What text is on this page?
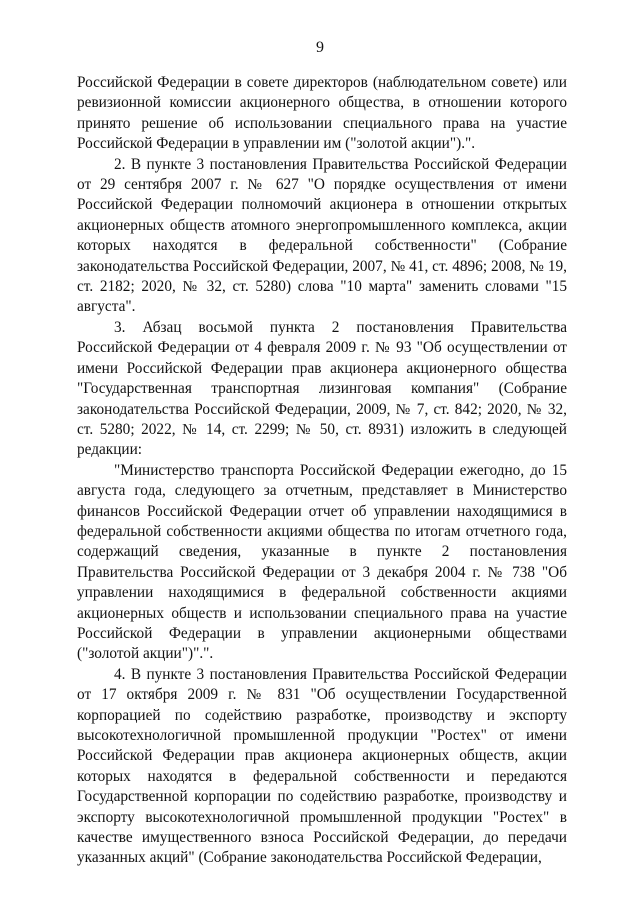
9

Российской Федерации в совете директоров (наблюдательном совете) или ревизионной комиссии акционерного общества, в отношении которого принято решение об использовании специального права на участие Российской Федерации в управлении им ("золотой акции").".

2. В пункте 3 постановления Правительства Российской Федерации от 29 сентября 2007 г. № 627 "О порядке осуществления от имени Российской Федерации полномочий акционера в отношении открытых акционерных обществ атомного энергопромышленного комплекса, акции которых находятся в федеральной собственности" (Собрание законодательства Российской Федерации, 2007, № 41, ст. 4896; 2008, № 19, ст. 2182; 2020, № 32, ст. 5280) слова "10 марта" заменить словами "15 августа".

3. Абзац восьмой пункта 2 постановления Правительства Российской Федерации от 4 февраля 2009 г. № 93 "Об осуществлении от имени Российской Федерации прав акционера акционерного общества "Государственная транспортная лизинговая компания" (Собрание законодательства Российской Федерации, 2009, № 7, ст. 842; 2020, № 32, ст. 5280; 2022, № 14, ст. 2299; № 50, ст. 8931) изложить в следующей редакции:

"Министерство транспорта Российской Федерации ежегодно, до 15 августа года, следующего за отчетным, представляет в Министерство финансов Российской Федерации отчет об управлении находящимися в федеральной собственности акциями общества по итогам отчетного года, содержащий сведения, указанные в пункте 2 постановления Правительства Российской Федерации от 3 декабря 2004 г. № 738 "Об управлении находящимися в федеральной собственности акциями акционерных обществ и использовании специального права на участие Российской Федерации в управлении акционерными обществами ("золотой акции")".".

4. В пункте 3 постановления Правительства Российской Федерации от 17 октября 2009 г. № 831 "Об осуществлении Государственной корпорацией по содействию разработке, производству и экспорту высокотехнологичной промышленной продукции "Ростех" от имени Российской Федерации прав акционера акционерных обществ, акции которых находятся в федеральной собственности и передаются Государственной корпорации по содействию разработке, производству и экспорту высокотехнологичной промышленной продукции "Ростех" в качестве имущественного взноса Российской Федерации, до передачи указанных акций" (Собрание законодательства Российской Федерации,
